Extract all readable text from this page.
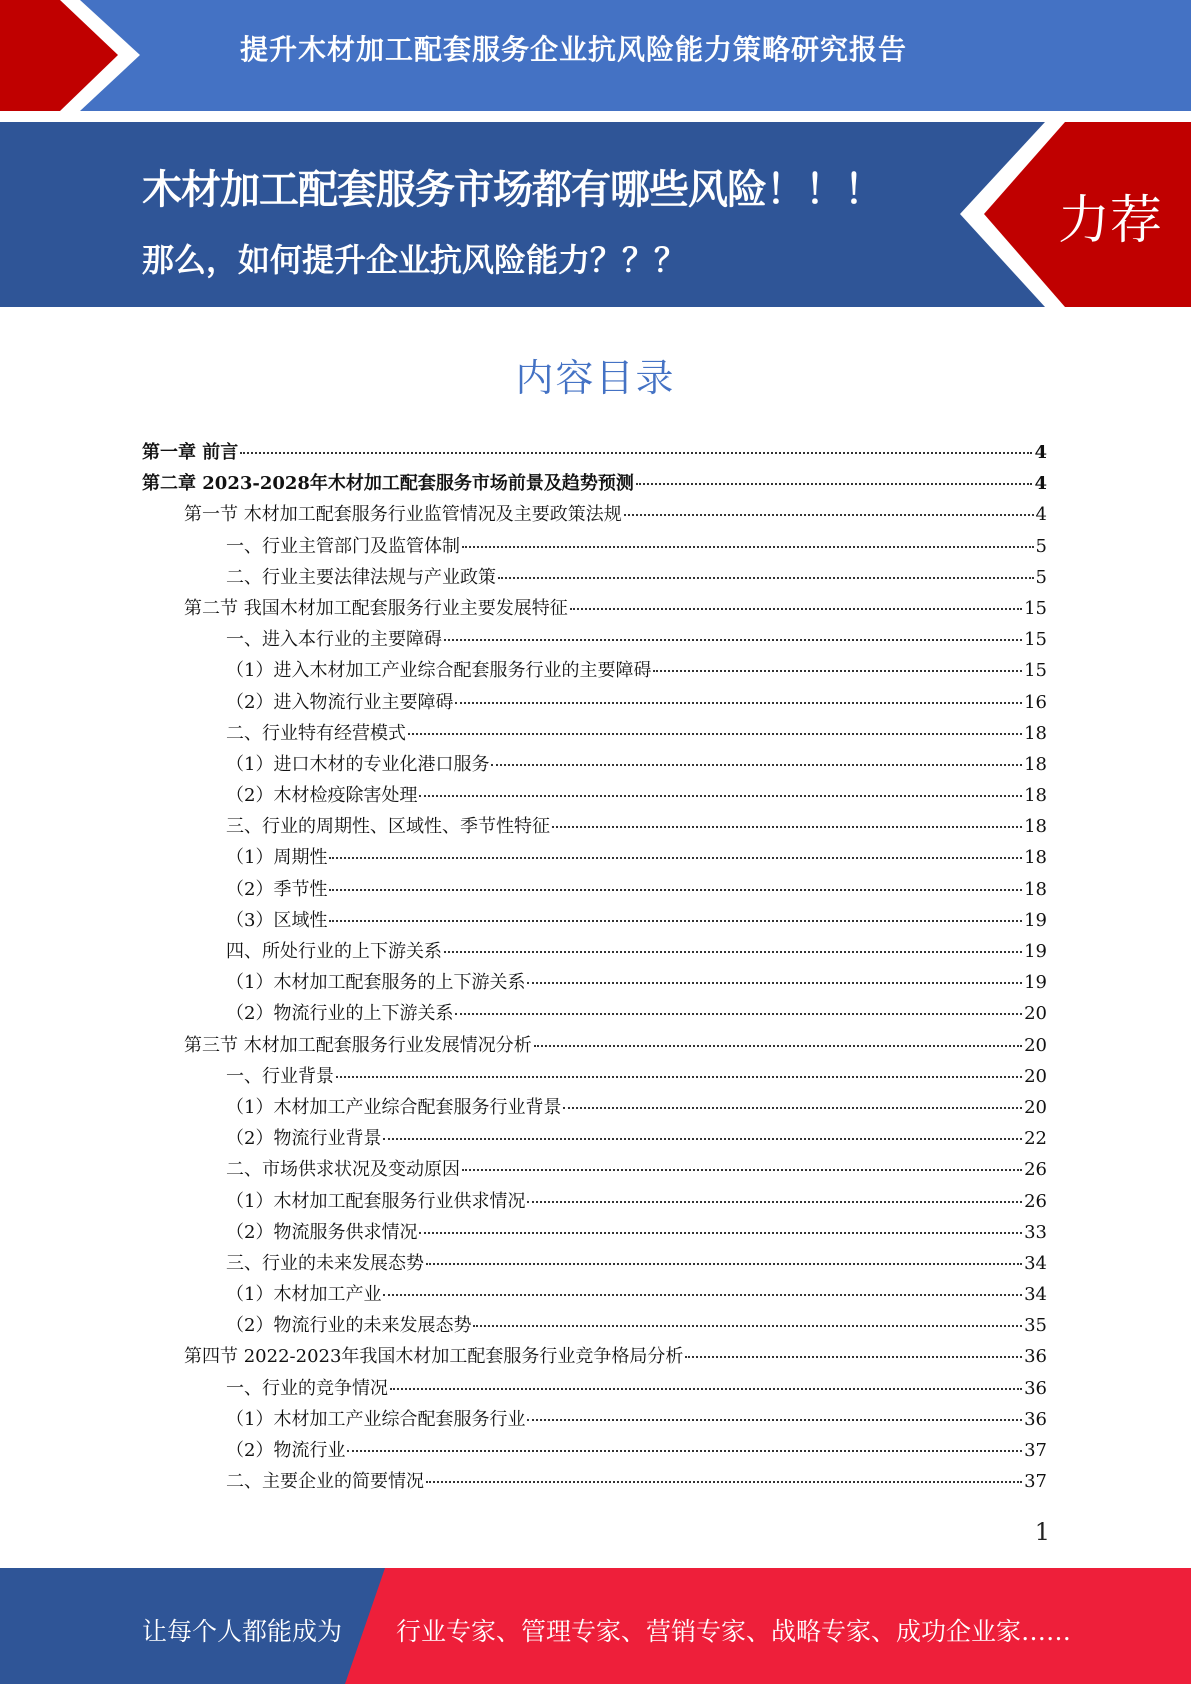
提升木材加工配套服务企业抗风险能力策略研究报告
木材加工配套服务市场都有哪些风险！！！
那么，如何提升企业抗风险能力？？？
力荐
内容目录
第一章 前言	4
第二章 2023-2028年木材加工配套服务市场前景及趋势预测	4
第一节 木材加工配套服务行业监管情况及主要政策法规	4
一、行业主管部门及监管体制	5
二、行业主要法律法规与产业政策	5
第二节 我国木材加工配套服务行业主要发展特征	15
一、进入本行业的主要障碍	15
（1）进入木材加工产业综合配套服务行业的主要障碍	15
（2）进入物流行业主要障碍	16
二、行业特有经营模式	18
（1）进口木材的专业化港口服务	18
（2）木材检疫除害处理	18
三、行业的周期性、区域性、季节性特征	18
（1）周期性	18
（2）季节性	18
（3）区域性	19
四、所处行业的上下游关系	19
（1）木材加工配套服务的上下游关系	19
（2）物流行业的上下游关系	20
第三节 木材加工配套服务行业发展情况分析	20
一、行业背景	20
（1）木材加工产业综合配套服务行业背景	20
（2）物流行业背景	22
二、市场供求状况及变动原因	26
（1）木材加工配套服务行业供求情况	26
（2）物流服务供求情况	33
三、行业的未来发展态势	34
（1）木材加工产业	34
（2）物流行业的未来发展态势	35
第四节 2022-2023年我国木材加工配套服务行业竞争格局分析	36
一、行业的竞争情况	36
（1）木材加工产业综合配套服务行业	36
（2）物流行业	37
二、主要企业的简要情况	37
1
让每个人都能成为 行业专家、管理专家、营销专家、战略专家、成功企业家……
